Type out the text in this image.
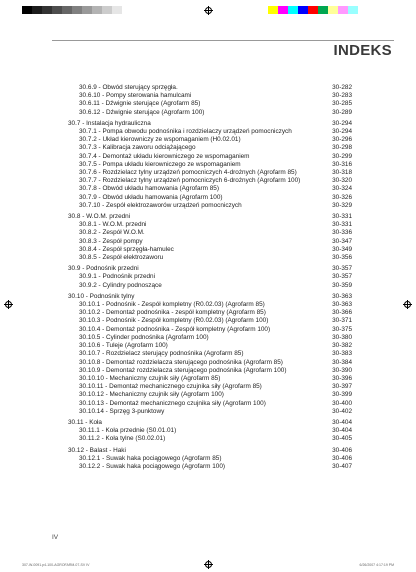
INDEKS
30.6.9 - Obwód sterujący sprzęgła.	30-282
30.6.10 - Pompy sterowania hamulcami	30-283
30.6.11 - Dźwignie sterujące (Agrofarm 85)	30-285
30.6.12 - Dźwignie sterujące (Agrofarm 100)	30-289
30.7 - Instalacja hydrauliczna	30-294
30.7.1 - Pompa obwodu podnośnika i rozdzielaczy urządzeń pomocniczych	30-294
30.7.2 - Układ kierowniczy ze wspomaganiem (H0.02.01)	30-296
30.7.3 - Kalibracja zaworu odciążającego	30-298
30.7.4 - Demontaż układu kierowniczego ze wspomaganiem	30-299
30.7.5 - Pompa układu kierowniczego ze wspomaganiem	30-316
30.7.6 - Rozdzielacz tylny urządzeń pomocniczych 4-drożnych (Agrofarm 85)	30-318
30.7.7 - Rozdzielacz tylny urządzeń pomocniczych 6-drożnych (Agrofarm 100)	30-320
30.7.8 - Obwód układu hamowania (Agrofarm 85)	30-324
30.7.9 - Obwód układu hamowania (Agrofarm 100)	30-326
30.7.10 - Zespół elektrozaworów urządzeń pomocniczych	30-329
30.8 - W.O.M. przedni	30-331
30.8.1 - W.O.M. przedni	30-331
30.8.2 - Zespół W.O.M.	30-336
30.8.3 - Zespół pompy	30-347
30.8.4 - Zespół sprzęgła-hamulec	30-349
30.8.5 - Zespół elektrozaworu	30-356
30.9 - Podnośnik przedni	30-357
30.9.1 - Podnośnik przedni	30-357
30.9.2 - Cylindry podnoszące	30-359
30.10 - Podnośnik tylny	30-363
30.10.1 - Podnośnik - Zespół kompletny (R0.02.03) (Agrofarm 85)	30-363
30.10.2 - Demontaż podnośnika - zespół kompletny (Agrofarm 85)	30-366
30.10.3 - Podnośnik - Zespół kompletny (R0.02.03) (Agrofarm 100)	30-371
30.10.4 - Demontaż podnośnika - Zespół kompletny (Agrofarm 100)	30-375
30.10.5 - Cylinder podnośnika (Agrofarm 100)	30-380
30.10.6 - Tuleje (Agrofarm 100)	30-382
30.10.7 - Rozdzielacz sterujący podnośnika (Agrofarm 85)	30-383
30.10.8 - Demontaż rozdzielacza sterującego podnośnika (Agrofarm 85)	30-384
30.10.9 - Demontaż rozdzielacza sterującego podnośnika (Agrofarm 100)	30-390
30.10.10 - Mechaniczny czujnik siły (Agrofarm 85)	30-396
30.10.11 - Demontaż mechanicznego czujnika siły (Agrofarm 85)	30-397
30.10.12 - Mechaniczny czujnik siły (Agrofarm 100)	30-399
30.10.13 - Demontaż mechanicznego czujnika siły (Agrofarm 100)	30-400
30.10.14 - Sprzęg 3-punktowy	30-402
30.11 - Koła	30-404
30.11.1 - Koła przednie (S0.01.01)	30-404
30.11.2 - Koła tylne (S0.02.01)	30-405
30.12 - Balast - Haki	30-406
30.12.1 - Suwak haka pociągowego (Agrofarm 85)	30-406
30.12.2 - Suwak haka pociągowego (Agrofarm 100)	30-407
IV
307-W-0091.p4-100-AGROFARM-07-SV IV	6/26/2007 4:17:19 PM
